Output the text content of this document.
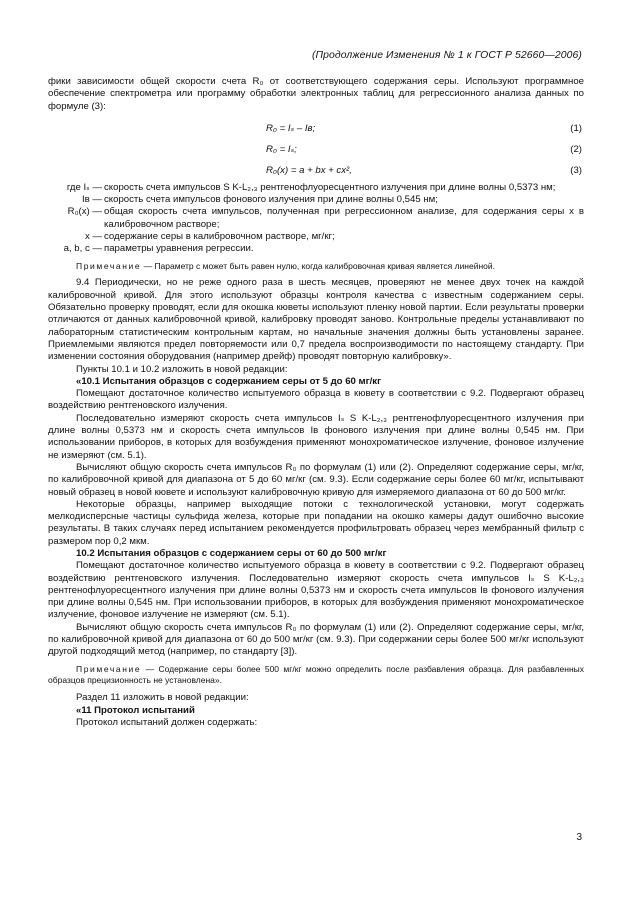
(Продолжение Изменения № 1 к ГОСТ Р 52660—2006)

фики зависимости общей скорости счета R₀ от соответствующего содержания серы. Используют программное обеспечение спектрометра или программу обработки электронных таблиц для регрессионного анализа данных по формуле (3):

R₀ = Iₛ – Iв;	(1)
R₀ = Iₛ;	(2)
R₀(x) = a + bx + cx²,	(3)
где Iₛ — скорость счета импульсов S K-L₂,₃ рентгенофлуоресцентного излучения при длине волны 0,5373 нм;
Iв — скорость счета импульсов фонового излучения при длине волны 0,545 нм;
R₀(x) — общая скорость счета импульсов, полученная при регрессионном анализе, для содержания серы x в калибровочном растворе;
x — содержание серы в калибровочном растворе, мг/кг;
a, b, c — параметры уравнения регрессии.

Примечание — Параметр c может быть равен нулю, когда калибровочная кривая является линейной.

9.4 Периодически, но не реже одного раза в шесть месяцев, проверяют не менее двух точек на каждой калибровочной кривой. Для этого используют образцы контроля качества с известным содержанием серы. Обязательно проверку проводят, если для окошка кюветы используют пленку новой партии. Если результаты проверки отличаются от данных калибровочной кривой, калибровку проводят заново. Контрольные пределы устанавливают по лабораторным статистическим контрольным картам, но начальные значения должны быть установлены заранее. Приемлемыми являются предел повторяемости или 0,7 предела воспроизводимости по настоящему стандарту. При изменении состояния оборудования (например дрейф) проводят повторную калибровку».

Пункты 10.1 и 10.2 изложить в новой редакции:

«10.1 Испытания образцов с содержанием серы от 5 до 60 мг/кг

Помещают достаточное количество испытуемого образца в кювету в соответствии с 9.2. Подвергают образец воздействию рентгеновского излучения.

Последовательно измеряют скорость счета импульсов Iₛ S K-L₂,₃ рентгенофлуоресцентного излучения при длине волны 0,5373 нм и скорость счета импульсов Iв фонового излучения при длине волны 0,545 нм. При использовании приборов, в которых для возбуждения применяют монохроматическое излучение, фоновое излучение не измеряют (см. 5.1).

Вычисляют общую скорость счета импульсов R₀ по формулам (1) или (2). Определяют содержание серы, мг/кг, по калибровочной кривой для диапазона от 5 до 60 мг/кг (см. 9.3). Если содержание серы более 60 мг/кг, испытывают новый образец в новой кювете и используют калибровочную кривую для измеряемого диапазона от 60 до 500 мг/кг.

Некоторые образцы, например выходящие потоки с технологической установки, могут содержать мелкодисперсные частицы сульфида железа, которые при попадании на окошко камеры дадут ошибочно высокие результаты. В таких случаях перед испытанием рекомендуется профильтровать образец через мембранный фильтр с размером пор 0,2 мкм.

10.2 Испытания образцов с содержанием серы от 60 до 500 мг/кг

Помещают достаточное количество испытуемого образца в кювету в соответствии с 9.2. Подвергают образец воздействию рентгеновского излучения. Последовательно измеряют скорость счета импульсов Iₛ S K-L₂,₃ рентгенофлуоресцентного излучения при длине волны 0,5373 нм и скорость счета импульсов Iв фонового излучения при длине волны 0,545 нм. При использовании приборов, в которых для возбуждения применяют монохроматическое излучение, фоновое излучение не измеряют (см. 5.1).

Вычисляют общую скорость счета импульсов R₀ по формулам (1) или (2). Определяют содержание серы, мг/кг, по калибровочной кривой для диапазона от 60 до 500 мг/кг (см. 9.3). При содержании серы более 500 мг/кг используют другой подходящий метод (например, по стандарту [3]).

Примечание — Содержание серы более 500 мг/кг можно определить после разбавления образца. Для разбавленных образцов прецизионность не установлена».

Раздел 11 изложить в новой редакции:

«11 Протокол испытаний

Протокол испытаний должен содержать:

3
